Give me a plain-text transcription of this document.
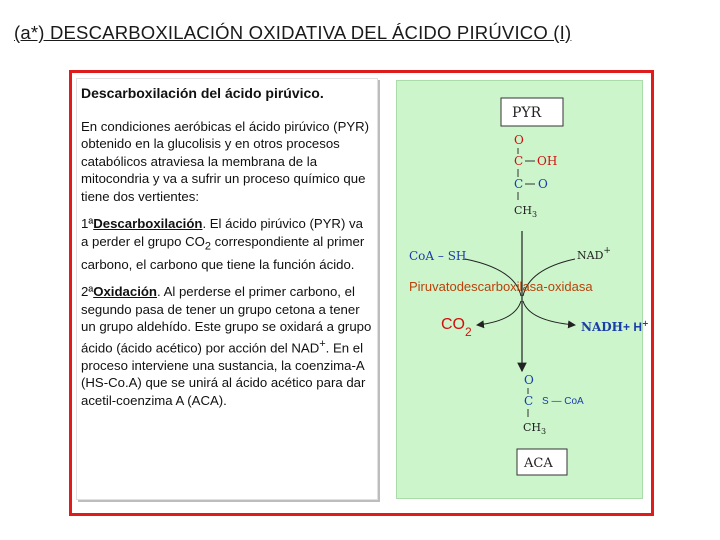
(a*) DESCARBOXILACIÓN OXIDATIVA DEL ÁCIDO PIRÚVICO (I)

Descarboxilación del ácido pirúvico.

En condiciones aeróbicas el ácido pirúvico (PYR) obtenido en la glucolisis y en otros procesos catabólicos atraviesa la membrana de la mitocondria y va a sufrir un proceso químico que tiene dos vertientes:

1ªDescarboxilación. El ácido pirúvico (PYR) va a perder el grupo $CO_2$ correspondiente al primer carbono, el carbono que tiene la función ácido.

2ªOxidación. Al perderse el primer carbono, el segundo pasa de tener un grupo cetona a tener un grupo aldehído. Este grupo se oxidará a grupo ácido (ácido acético) por acción del NAD+. En el proceso interviene una sustancia, la coenzima-A (HS-Co.A) que se unirá al ácido acético para dar acetil-coenzima A (ACA).

PYR
O
C OH
C O
$CH_3$
CoA – SH	NAD+
Piruvatodescarboxilasa-oxidasa
$CO_2$	NADH+ H+
O
C S — CoA
$CH_3$
ACA
